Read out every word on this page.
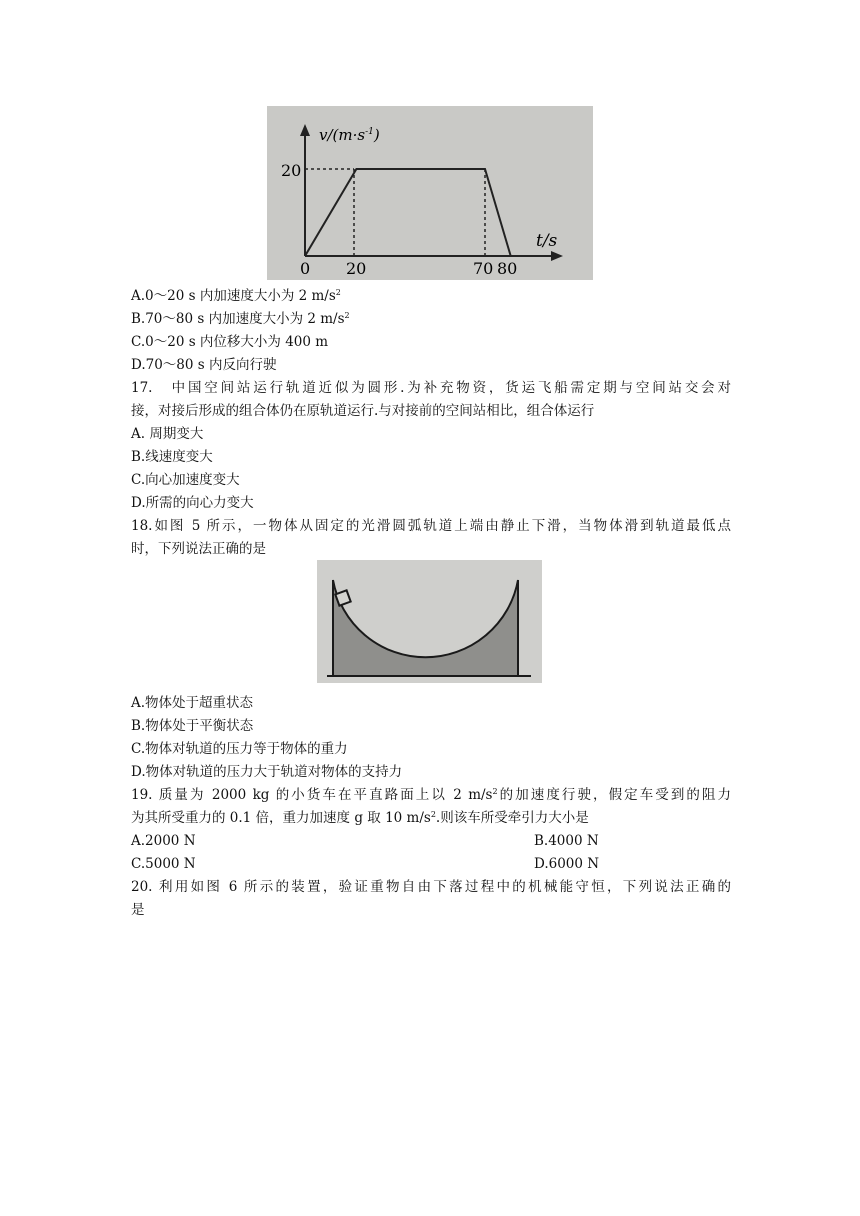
$v/(m\cdot s^{-1})$
t/s
20
0 20	70 80
A.0～20 s 内加速度大小为 2 $m/s^2$
B.70～80 s 内加速度大小为 2 $m/s^2$
C.0～20 s 内位移大小为 400 m
D.70～80 s 内反向行驶
17.　中国空间站运行轨道近似为圆形.为补充物资，货运飞船需定期与空间站交会对
接，对接后形成的组合体仍在原轨道运行.与对接前的空间站相比，组合体运行
A. 周期变大
B.线速度变大
C.向心加速度变大
D.所需的向心力变大
18.如图 5 所示，一物体从固定的光滑圆弧轨道上端由静止下滑，当物体滑到轨道最低点
时，下列说法正确的是
A.物体处于超重状态
B.物体处于平衡状态
C.物体对轨道的压力等于物体的重力
D.物体对轨道的压力大于轨道对物体的支持力
19. 质量为 2000 kg 的小货车在平直路面上以 2 $m/s^2$的加速度行驶，假定车受到的阻力
为其所受重力的 0.1 倍，重力加速度 g 取 10 $m/s^2$.则该车所受牵引力大小是
A.2000 N	B.4000 N
C.5000 N	D.6000 N
20. 利用如图 6 所示的装置，验证重物自由下落过程中的机械能守恒，下列说法正确的
是
